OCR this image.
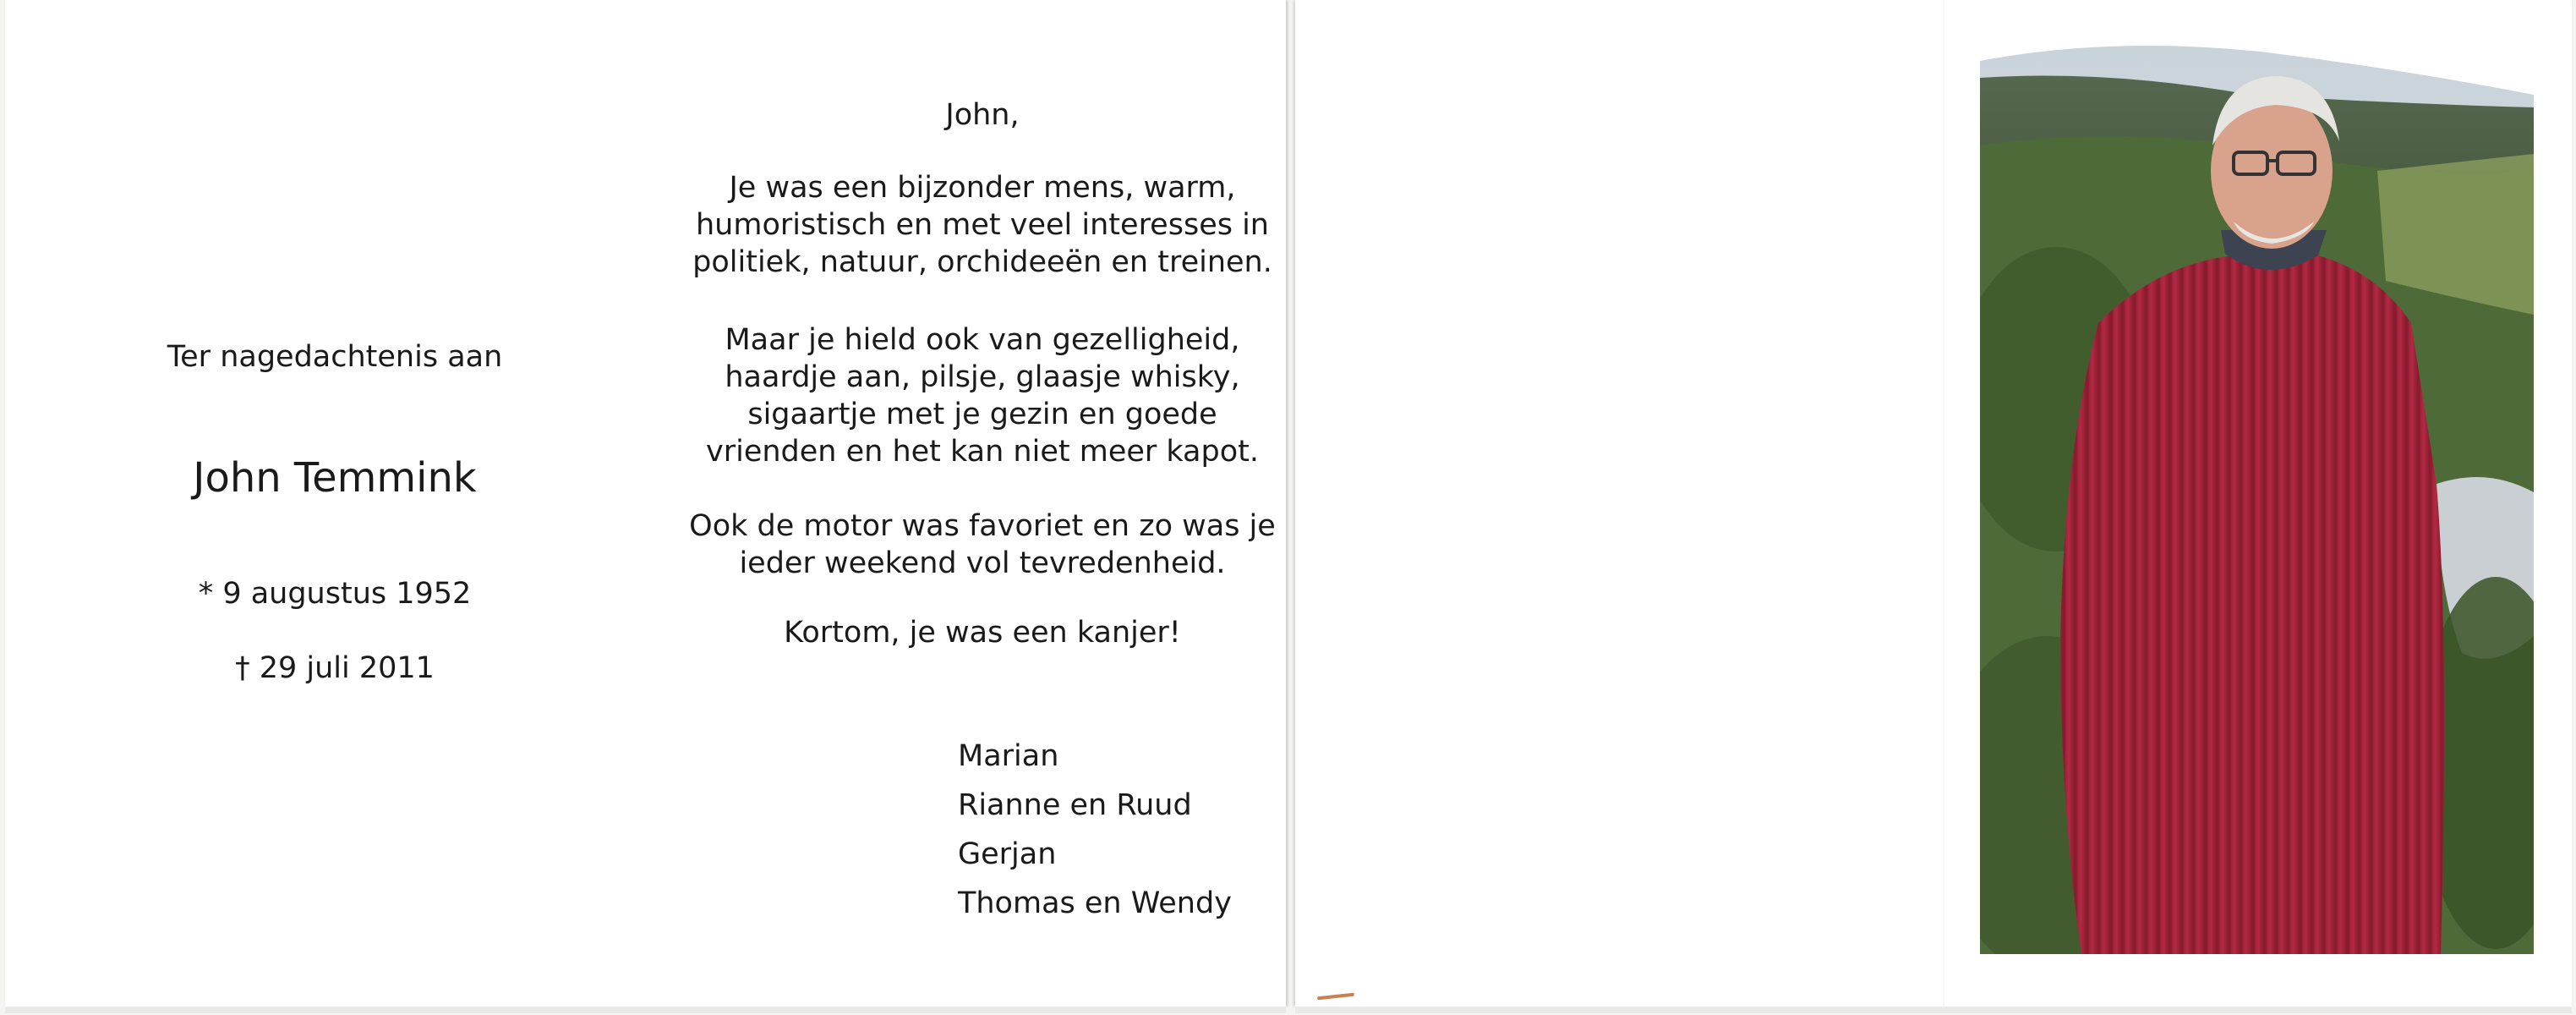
Ter nagedachtenis aan
John Temmink
* 9 augustus 1952
† 29 juli 2011
John,
Je was een bijzonder mens, warm,
humoristisch en met veel interesses in
politiek, natuur, orchideeën en treinen.
Maar je hield ook van gezelligheid,
haardje aan, pilsje, glaasje whisky,
sigaartje met je gezin en goede
vrienden en het kan niet meer kapot.
Ook de motor was favoriet en zo was je
ieder weekend vol tevredenheid.
Kortom, je was een kanjer!
Marian
Rianne en Ruud
Gerjan
Thomas en Wendy
